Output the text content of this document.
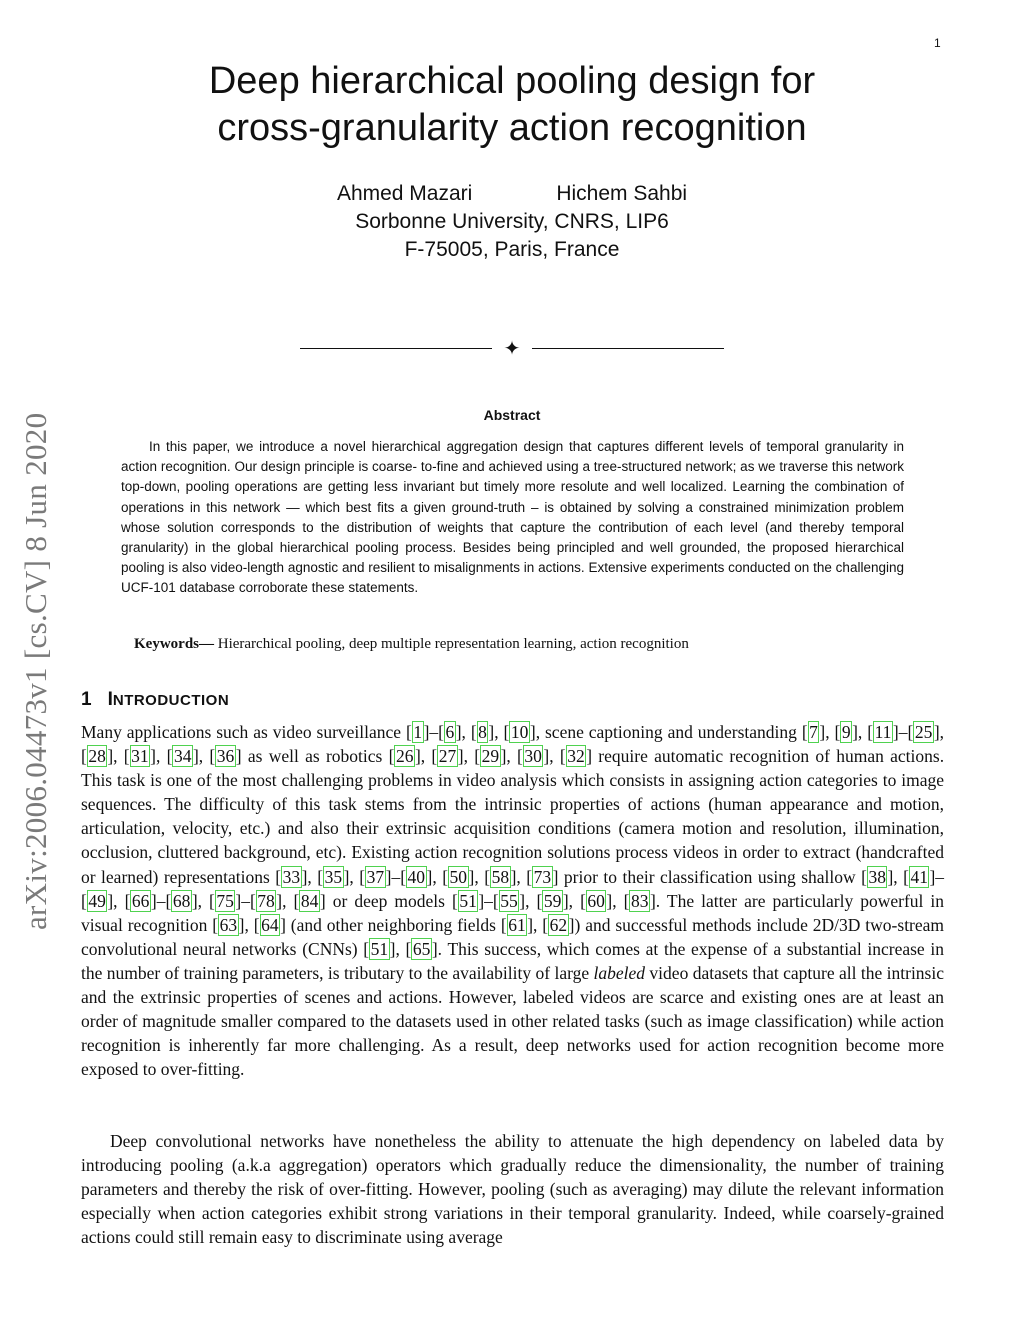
1
arXiv:2006.04473v1 [cs.CV] 8 Jun 2020
Deep hierarchical pooling design for
cross-granularity action recognition
Ahmed Mazari	Hichem Sahbi
Sorbonne University, CNRS, LIP6
F-75005, Paris, France
✦
Abstract

In this paper, we introduce a novel hierarchical aggregation design that captures different levels of temporal granularity in action recognition. Our design principle is coarse- to-fine and achieved using a tree-structured network; as we traverse this network top-down, pooling operations are getting less invariant but timely more resolute and well localized. Learning the combination of operations in this network — which best fits a given ground-truth – is obtained by solving a constrained minimization problem whose solution corresponds to the distribution of weights that capture the contribution of each level (and thereby temporal granularity) in the global hierarchical pooling process. Besides being principled and well grounded, the proposed hierarchical pooling is also video-length agnostic and resilient to misalignments in actions. Extensive experiments conducted on the challenging UCF-101 database corroborate these statements.

Keywords— Hierarchical pooling, deep multiple representation learning, action recognition
1 INTRODUCTION

Many applications such as video surveillance [1]–[6], [8], [10], scene captioning and understanding [7], [9], [11]–[25], [28], [31], [34], [36] as well as robotics [26], [27], [29], [30], [32] require automatic recognition of human actions. This task is one of the most challenging problems in video analysis which consists in assigning action categories to image sequences. The difficulty of this task stems from the intrinsic properties of actions (human appearance and motion, articulation, velocity, etc.) and also their extrinsic acquisition conditions (camera motion and resolution, illumination, occlusion, cluttered background, etc). Existing action recognition solutions process videos in order to extract (handcrafted or learned) representations [33], [35], [37]–[40], [50], [58], [73] prior to their classification using shallow [38], [41]–[49], [66]–[68], [75]–[78], [84] or deep models [51]–[55], [59], [60], [83]. The latter are particularly powerful in visual recognition [63], [64] (and other neighboring fields [61], [62]) and successful methods include 2D/3D two-stream convolutional neural networks (CNNs) [51], [65]. This success, which comes at the expense of a substantial increase in the number of training parameters, is tributary to the availability of large labeled video datasets that capture all the intrinsic and the extrinsic properties of scenes and actions. However, labeled videos are scarce and existing ones are at least an order of magnitude smaller compared to the datasets used in other related tasks (such as image classification) while action recognition is inherently far more challenging. As a result, deep networks used for action recognition become more exposed to over-fitting.

Deep convolutional networks have nonetheless the ability to attenuate the high dependency on labeled data by introducing pooling (a.k.a aggregation) operators which gradually reduce the dimensionality, the number of training parameters and thereby the risk of over-fitting. However, pooling (such as averaging) may dilute the relevant information especially when action categories exhibit strong variations in their temporal granularity. Indeed, while coarsely-grained actions could still remain easy to discriminate using average
